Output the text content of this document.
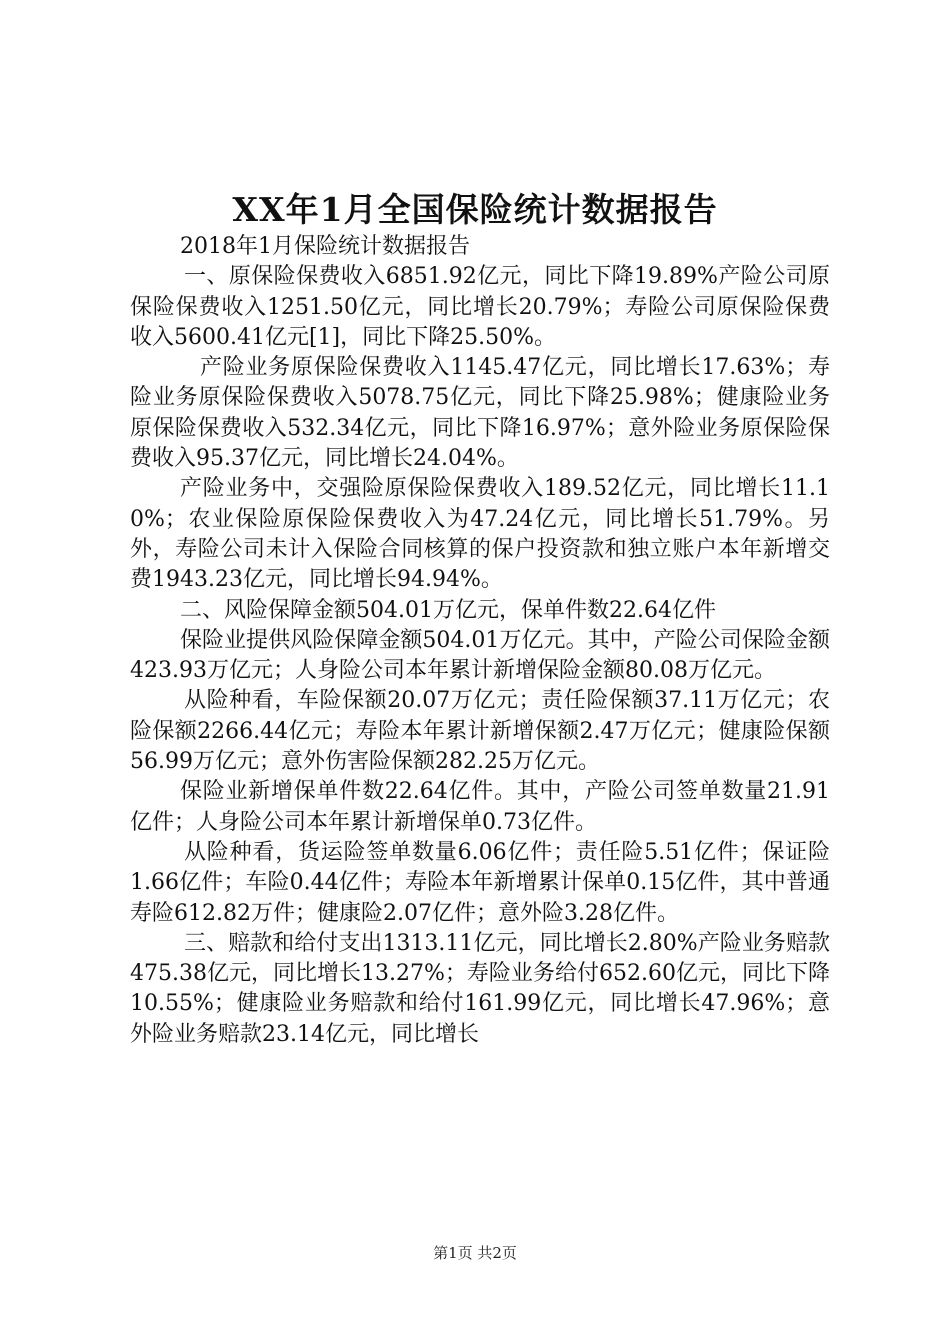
XX年1月全国保险统计数据报告

2018年1月保险统计数据报告

一、原保险保费收入6851.92亿元，同比下降19.89%产险公司原保险保费收入1251.50亿元，同比增长20.79%；寿险公司原保险保费收入5600.41亿元[1]，同比下降25.50%。

产险业务原保险保费收入1145.47亿元，同比增长17.63%；寿险业务原保险保费收入5078.75亿元，同比下降25.98%；健康险业务原保险保费收入532.34亿元，同比下降16.97%；意外险业务原保险保费收入95.37亿元，同比增长24.04%。

产险业务中，交强险原保险保费收入189.52亿元，同比增长11.10%；农业保险原保险保费收入为47.24亿元，同比增长51.79%。另外，寿险公司未计入保险合同核算的保户投资款和独立账户本年新增交费1943.23亿元，同比增长94.94%。

二、风险保障金额504.01万亿元，保单件数22.64亿件

保险业提供风险保障金额504.01万亿元。其中，产险公司保险金额423.93万亿元；人身险公司本年累计新增保险金额80.08万亿元。

从险种看，车险保额20.07万亿元；责任险保额37.11万亿元；农险保额2266.44亿元；寿险本年累计新增保额2.47万亿元；健康险保额56.99万亿元；意外伤害险保额282.25万亿元。

保险业新增保单件数22.64亿件。其中，产险公司签单数量21.91亿件；人身险公司本年累计新增保单0.73亿件。

从险种看，货运险签单数量6.06亿件；责任险5.51亿件；保证险1.66亿件；车险0.44亿件；寿险本年新增累计保单0.15亿件，其中普通寿险612.82万件；健康险2.07亿件；意外险3.28亿件。

三、赔款和给付支出1313.11亿元，同比增长2.80%产险业务赔款475.38亿元，同比增长13.27%；寿险业务给付652.60亿元，同比下降10.55%；健康险业务赔款和给付161.99亿元，同比增长47.96%；意外险业务赔款23.14亿元，同比增长

第1页 共2页
